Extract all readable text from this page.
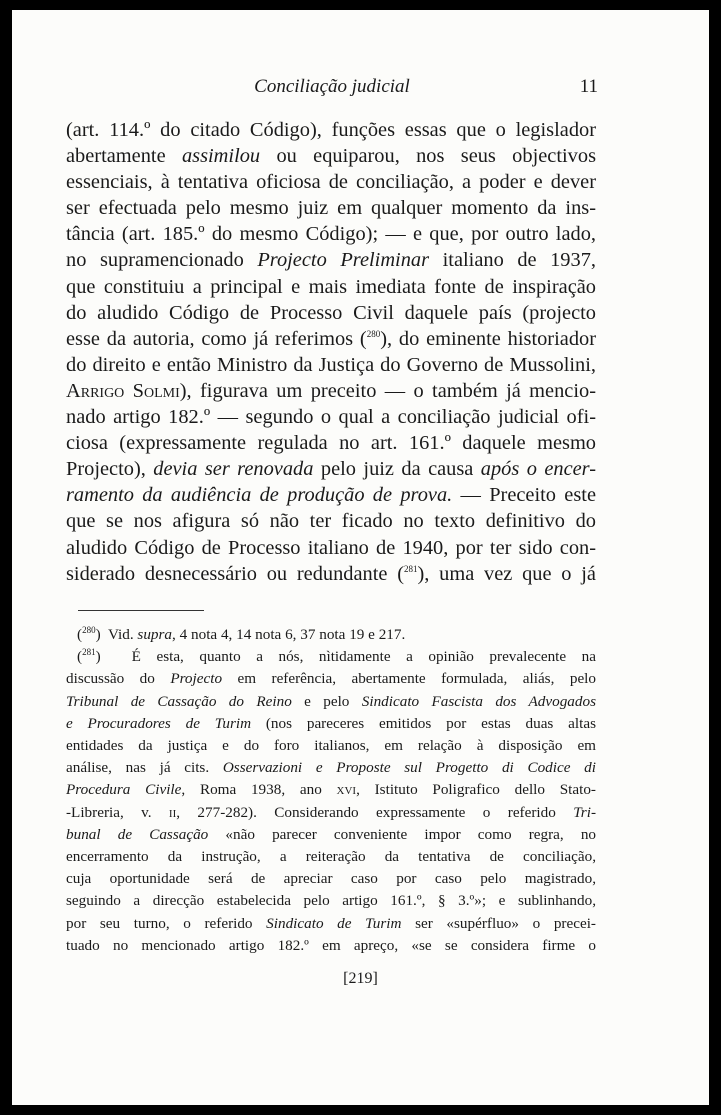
Conciliação judicial	11
(art. 114.º do citado Código), funções essas que o legislador
abertamente assimilou ou equiparou, nos seus objectivos
essenciais, à tentativa oficiosa de conciliação, a poder e dever
ser efectuada pelo mesmo juiz em qualquer momento da ins-
tância (art. 185.º do mesmo Código); — e que, por outro lado,
no supramencionado Projecto Preliminar italiano de 1937,
que constituiu a principal e mais imediata fonte de inspiração
do aludido Código de Processo Civil daquele país (projecto
esse da autoria, como já referimos ($^{280}$), do eminente historiador
do direito e então Ministro da Justiça do Governo de Mussolini,
Arrigo Solmi), figurava um preceito — o também já mencio-
nado artigo 182.º — segundo o qual a conciliação judicial ofi-
ciosa (expressamente regulada no art. 161.º daquele mesmo
Projecto), devia ser renovada pelo juiz da causa após o encer-
ramento da audiência de produção de prova. — Preceito este
que se nos afigura só não ter ficado no texto definitivo do
aludido Código de Processo italiano de 1940, por ter sido con-
siderado desnecessário ou redundante ($^{281}$), uma vez que o já
($^{280}$)  Vid. supra, 4 nota 4, 14 nota 6, 37 nota 19 e 217.
($^{281}$)  É esta, quanto a nós, nìtidamente a opinião prevalecente na
discussão do Projecto em referência, abertamente formulada, aliás, pelo
Tribunal de Cassação do Reino e pelo Sindicato Fascista dos Advogados
e Procuradores de Turim (nos pareceres emitidos por estas duas altas
entidades da justiça e do foro italianos, em relação à disposição em
análise, nas já cits. Osservazioni e Proposte sul Progetto di Codice di
Procedura Civile, Roma 1938, ano xvi, Istituto Poligrafico dello Stato-
-Libreria, v. ii, 277-282). Considerando expressamente o referido Tri-
bunal de Cassação «não parecer conveniente impor como regra, no
encerramento da instrução, a reiteração da tentativa de conciliação,
cuja oportunidade será de apreciar caso por caso pelo magistrado,
seguindo a direcção estabelecida pelo artigo 161.º, § 3.º»; e sublinhando,
por seu turno, o referido Sindicato de Turim ser «supérfluo» o precei-
tuado no mencionado artigo 182.º em apreço, «se se considera firme o
[219]
